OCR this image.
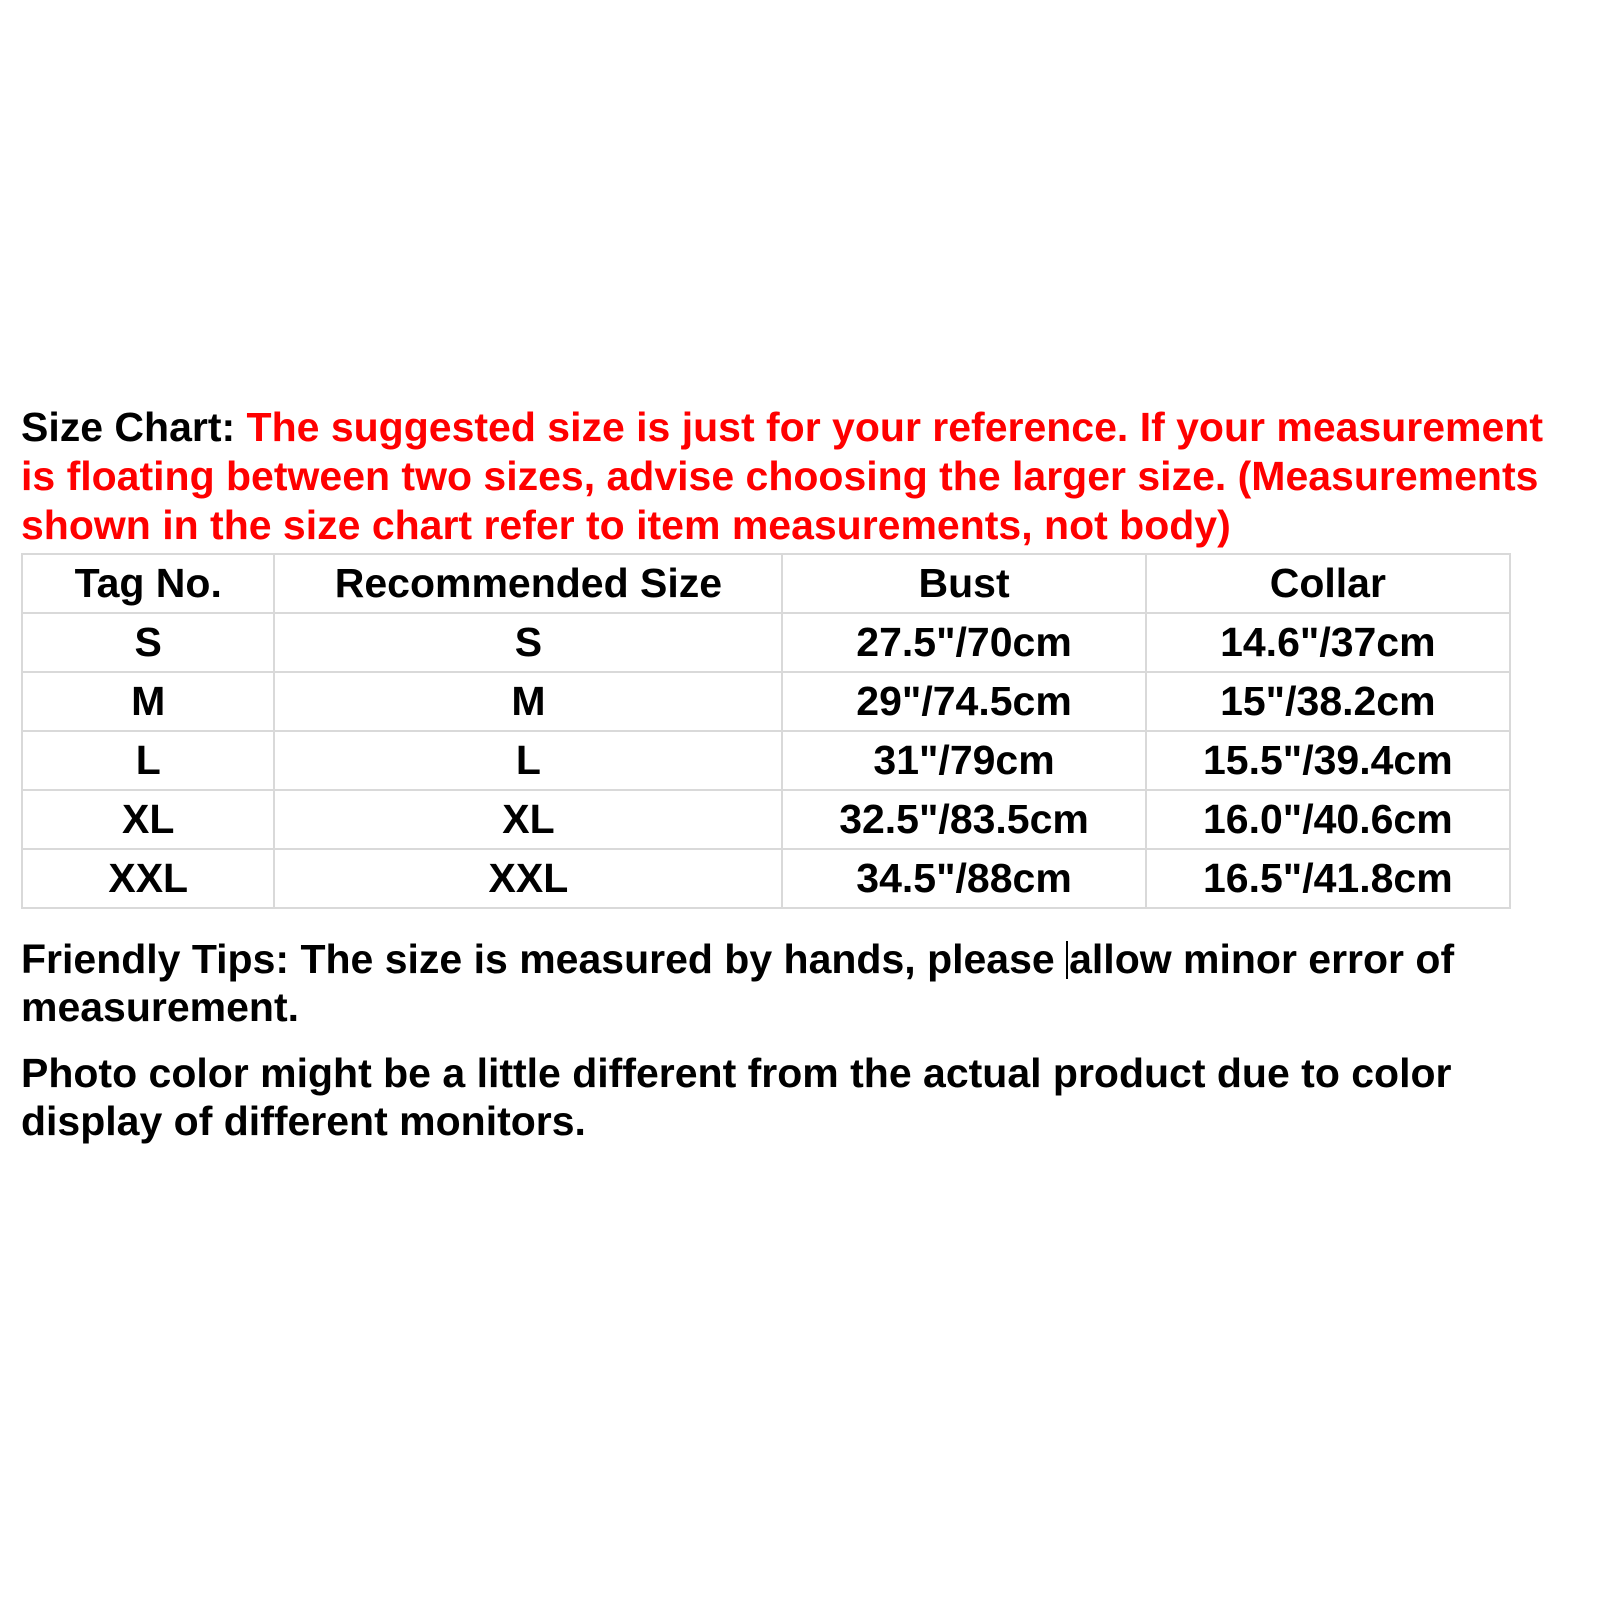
Size Chart: The suggested size is just for your reference. If your measurement is floating between two sizes, advise choosing the larger size. (Measurements shown in the size chart refer to item measurements, not body)

Tag No.	Recommended Size	Bust	Collar
S	S	27.5"/70cm	14.6"/37cm
M	M	29"/74.5cm	15"/38.2cm
L	L	31"/79cm	15.5"/39.4cm
XL	XL	32.5"/83.5cm	16.0"/40.6cm
XXL	XXL	34.5"/88cm	16.5"/41.8cm

Friendly Tips: The size is measured by hands, please allow minor error of measurement.

Photo color might be a little different from the actual product due to color display of different monitors.
